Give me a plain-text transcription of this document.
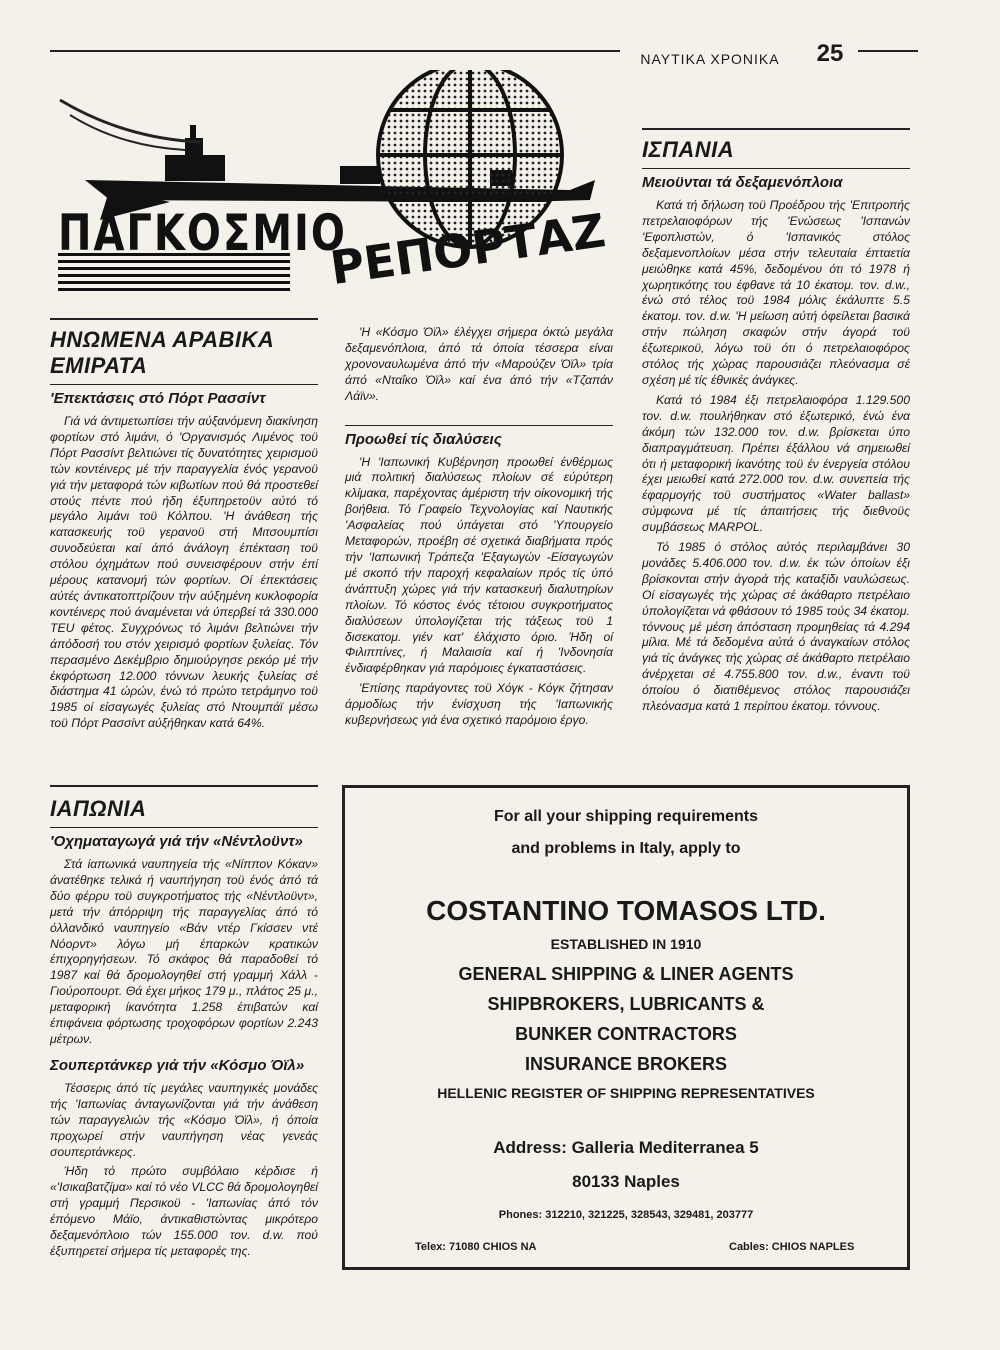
ΝΑΥΤΙΚΑ ΧΡΟΝΙΚΑ	25
ΡΕΠΟΡΤΑΖ
ΠΑΓΚΟΣΜΙΟ
ΗΝΩΜΕΝΑ ΑΡΑΒΙΚΑ
ΕΜΙΡΑΤΑ
'Επεκτάσεις στό Πόρτ Ρασσίντ

Γιά νά άντιμετωπίσει τήν αύξανόμενη διακίνηση φορτίων στό λιμάνι, ό 'Οργανισμός Λιμένος τοϋ Πόρτ Ρασσίντ βελτιώνει τίς δυνατότητες χειρισμοϋ τών κοντέινερς μέ τήν παραγγελία ένός γερανοϋ γιά τήν μεταφορά τών κιβωτίων πού θά προστεθεί στούς πέντε πού ήδη έξυπηρετοϋν αύτό τό μεγάλο λιμάνι τοϋ Κόλπου. 'Η άνάθεση τής κατασκευής τοϋ γερανοϋ στή Μιτσουμπίσι συνοδεύεται καί άπό άνάλογη έπέκταση τοϋ στόλου όχημάτων πού συνεισφέρουν στήν έπί μέρους κατανομή τών φορτίων. Οί έπεκτάσεις αύτές άντικατοπτρίζουν τήν αύξημένη κυκλοφορία κοντέινερς πού άναμένεται νά ύπερβεί τά 330.000 TEU φέτος. Συγχρόνως τό λιμάνι βελτιώνει τήν άπόδοσή του στόν χειρισμό φορτίων ξυλείας. Τόν περασμένο Δεκέμβριο δημιούργησε ρεκόρ μέ τήν έκφόρτωση 12.000 τόννων λευκής ξυλείας σέ διάστημα 41 ώρών, ένώ τό πρώτο τετράμηνο τοϋ 1985 οί είσαγωγές ξυλείας στό Ντουμπάϊ μέσω τοϋ Πόρτ Ρασσίντ αύξήθηκαν κατά 64%.

ΙΑΠΩΝΙΑ
'Οχηματαγωγά γιά τήν «Νέντλοϋντ»

Στά ίαπωνικά ναυπηγεία τής «Νίππον Κόκαν» άνατέθηκε τελικά ή ναυπήγηση τοϋ ένός άπό τά δύο φέρρυ τοϋ συγκροτήματος τής «Νέντλοϋντ», μετά τήν άπόρριψη τής παραγγελίας άπό τό όλλανδικό ναυπηγείο «Βάν ντέρ Γκίσσεν ντέ Νόορντ» λόγω μή έπαρκών κρατικών έπιχορηγήσεων. Τό σκάφος θά παραδοθεί τό 1987 καί θά δρομολογηθεί στή γραμμή Χάλλ - Γιούροπουρτ. Θά έχει μήκος 179 μ., πλάτος 25 μ., μεταφορική ίκανότητα 1.258 έπιβατών καί έπιφάνεια φόρτωσης τροχοφόρων φορτίων 2.243 μέτρων.

Σουπερτάνκερ γιά τήν «Κόσμο Όϊλ»

Τέσσερις άπό τίς μεγάλες ναυπηγικές μονάδες τής 'Ιαπωνίας άνταγωνίζονται γιά τήν άνάθεση τών παραγγελιών τής «Κόσμο Όϊλ», ή όποία προχωρεί στήν ναυπήγηση νέας γενεάς σουπερτάνκερς.

Ήδη τό πρώτο συμβόλαιο κέρδισε ή «'Ισικαβατζίμα» καί τό νέο VLCC θά δρομολογηθεί στή γραμμή Περσικοϋ - 'Ιαπωνίας άπό τόν έπόμενο Μάϊο, άντικαθιστώντας μικρότερο δεξαμενόπλοιο τών 155.000 τον. d.w. πού έξυπηρετεί σήμερα τίς μεταφορές της.

'Η «Κόσμο Όϊλ» έλέγχει σήμερα όκτώ μεγάλα δεξαμενόπλοια, άπό τά όποία τέσσερα είναι χρονοναυλωμένα άπό τήν «Μαρούζεν Όϊλ» τρία άπό «Νταΐκο Όϊλ» καί ένα άπό τήν «Τζαπάν Λάϊν».

Προωθεί τίς διαλύσεις

'Η 'Ιαπωνική Κυβέρνηση προωθεί ένθέρμως μιά πολιτική διαλύσεως πλοίων σέ εύρύτερη κλίμακα, παρέχοντας άμέριστη τήν οίκονομική τής βοήθεια. Τό Γραφείο Τεχνολογίας καί Ναυτικής 'Ασφαλείας πού ύπάγεται στό 'Υπουργείο Μεταφορών, προέβη σέ σχετικά διαβήματα πρός τήν 'Ιαπωνική Τράπεζα 'Εξαγωγών -Είσαγωγών μέ σκοπό τήν παροχή κεφαλαίων πρός τίς ύπό άνάπτυξη χώρες γιά τήν κατασκευή διαλυτηρίων πλοίων. Τό κόστος ένός τέτοιου συγκροτήματος διαλύσεων ύπολογίζεται τής τάξεως τοϋ 1 δισεκατομ. γιέν κατ' έλάχιστο όριο. Ήδη οί Φιλιππίνες, ή Μαλαισία καί ή 'Ινδονησία ένδιαφέρθηκαν γιά παρόμοιες έγκαταστάσεις.

'Επίσης παράγοντες τοϋ Χόγκ - Κόγκ ζήτησαν άρμοδίως τήν ένίσχυση τής 'Ιαπωνικής κυβερνήσεως γιά ένα σχετικό παρόμοιο έργο.

ΙΣΠΑΝΙΑ
Μειοϋνται τά δεξαμενόπλοια

Κατά τή δήλωση τοϋ Προέδρου τής 'Επιτροπής πετρελαιοφόρων τής 'Ενώσεως 'Ισπανών 'Εφοπλιστών, ό 'Ισπανικός στόλος δεξαμενοπλοίων μέσα στήν τελευταία έπταετία μειώθηκε κατά 45%, δεδομένου ότι τό 1978 ή χωρητικότης του έφθανε τά 10 έκατομ. τον. d.w., ένώ στό τέλος τοϋ 1984 μόλις έκάλυπτε 5.5 έκατομ. τον. d.w. 'Η μείωση αύτή όφείλεται βασικά στήν πώληση σκαφών στήν άγορά τοϋ έξωτερικοϋ, λόγω τοϋ ότι ό πετρελαιοφόρος στόλος τής χώρας παρουσιάζει πλεόνασμα σέ σχέση μέ τίς έθνικές άνάγκες.

Κατά τό 1984 έξι πετρελαιοφόρα 1.129.500 τον. d.w. πουλήθηκαν στό έξωτερικό, ένώ ένα άκόμη τών 132.000 τον. d.w. βρίσκεται ύπο διαπραγμάτευση. Πρέπει έξάλλου νά σημειωθεί ότι ή μεταφορική ίκανότης τοϋ έν ένεργεία στόλου έχει μειωθεί κατά 272.000 τον. d.w. συνεπεία τής έφαρμογής τοϋ συστήματος «Water ballast» σύμφωνα μέ τίς άπαιτήσεις τής διεθνοϋς συμβάσεως MARPOL.

Τό 1985 ό στόλος αύτός περιλαμβάνει 30 μονάδες 5.406.000 τον. d.w. έκ τών όποίων έξι βρίσκονται στήν άγορά τής καταξίδι ναυλώσεως. Οί είσαγωγές τής χώρας σέ άκάθαρτο πετρέλαιο ύπολογίζεται νά φθάσουν τό 1985 τούς 34 έκατομ. τόννους μέ μέση άπόσταση προμηθείας τά 4.294 μίλια. Μέ τά δεδομένα αύτά ό άναγκαίων στόλος γιά τίς άνάγκες τής χώρας σέ άκάθαρτο πετρέλαιο άνέρχεται σέ 4.755.800 τον. d.w., έναντι τοϋ όποίου ό διατιθέμενος στόλος παρουσιάζει πλεόνασμα κατά 1 περίπου έκατομ. τόννους.

For all your shipping requirements
and problems in Italy, apply to
COSTANTINO TOMASOS LTD.
ESTABLISHED IN 1910
GENERAL SHIPPING & LINER AGENTS
SHIPBROKERS, LUBRICANTS &
BUNKER CONTRACTORS
INSURANCE BROKERS
HELLENIC REGISTER OF SHIPPING REPRESENTATIVES
Address: Galleria Mediterranea 5
80133 Naples
Phones: 312210, 321225, 328543, 329481, 203777
Telex: 71080 CHIOS NA	Cables: CHIOS NAPLES
